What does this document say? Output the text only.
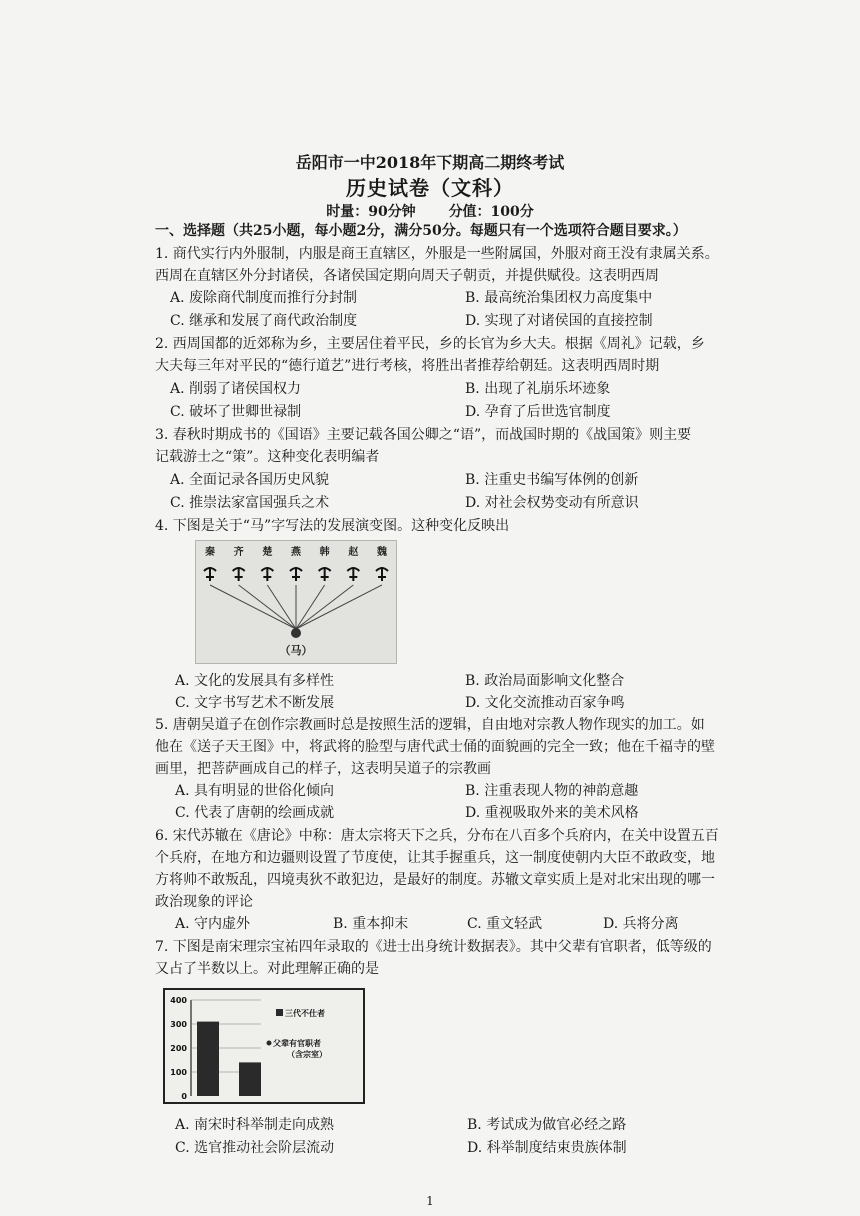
岳阳市一中2018年下期高二期终考试
历史试卷（文科）
时量：90分钟 分值：100分
一、选择题（共25小题，每小题2分，满分50分。每题只有一个选项符合题目要求。）
1. 商代实行内外服制，内服是商王直辖区，外服是一些附属国，外服对商王没有隶属关系。
西周在直辖区外分封诸侯，各诸侯国定期向周天子朝贡，并提供赋役。这表明西周
A. 废除商代制度而推行分封制	B. 最高统治集团权力高度集中
C. 继承和发展了商代政治制度	D. 实现了对诸侯国的直接控制
2. 西周国都的近郊称为乡，主要居住着平民，乡的长官为乡大夫。根据《周礼》记载，乡
大夫每三年对平民的“德行道艺”进行考核，将胜出者推荐给朝廷。这表明西周时期
A. 削弱了诸侯国权力	B. 出现了礼崩乐坏迹象
C. 破坏了世卿世禄制	D. 孕育了后世选官制度
3. 春秋时期成书的《国语》主要记载各国公卿之“语”，而战国时期的《战国策》则主要
记载游士之“策”。这种变化表明编者
A. 全面记录各国历史风貌	B. 注重史书编写体例的创新
C. 推崇法家富国强兵之术	D. 对社会权势变动有所意识
4. 下图是关于“马”字写法的发展演变图。这种变化反映出
秦 齐 楚 燕 韩 赵 魏
（马）
A. 文化的发展具有多样性	B. 政治局面影响文化整合
C. 文字书写艺术不断发展	D. 文化交流推动百家争鸣
5. 唐朝吴道子在创作宗教画时总是按照生活的逻辑，自由地对宗教人物作现实的加工。如
他在《送子天王图》中，将武将的脸型与唐代武士俑的面貌画的完全一致；他在千福寺的壁
画里，把菩萨画成自己的样子，这表明吴道子的宗教画
A. 具有明显的世俗化倾向	B. 注重表现人物的神韵意趣
C. 代表了唐朝的绘画成就	D. 重视吸取外来的美术风格
6. 宋代苏辙在《唐论》中称：唐太宗将天下之兵，分布在八百多个兵府内，在关中设置五百
个兵府，在地方和边疆则设置了节度使，让其手握重兵，这一制度使朝内大臣不敢政变，地
方将帅不敢叛乱，四境夷狄不敢犯边，是最好的制度。苏辙文章实质上是对北宋出现的哪一
政治现象的评论
A. 守内虚外	B. 重本抑末	C. 重文轻武	D. 兵将分离
7. 下图是南宋理宗宝祐四年录取的《进士出身统计数据表》。其中父辈有官职者，低等级的
又占了半数以上。对此理解正确的是
0
100
200
300
400
三代不仕者
父辈有官职者
（含宗室）
A. 南宋时科举制走向成熟	B. 考试成为做官必经之路
C. 选官推动社会阶层流动	D. 科举制度结束贵族体制
1
